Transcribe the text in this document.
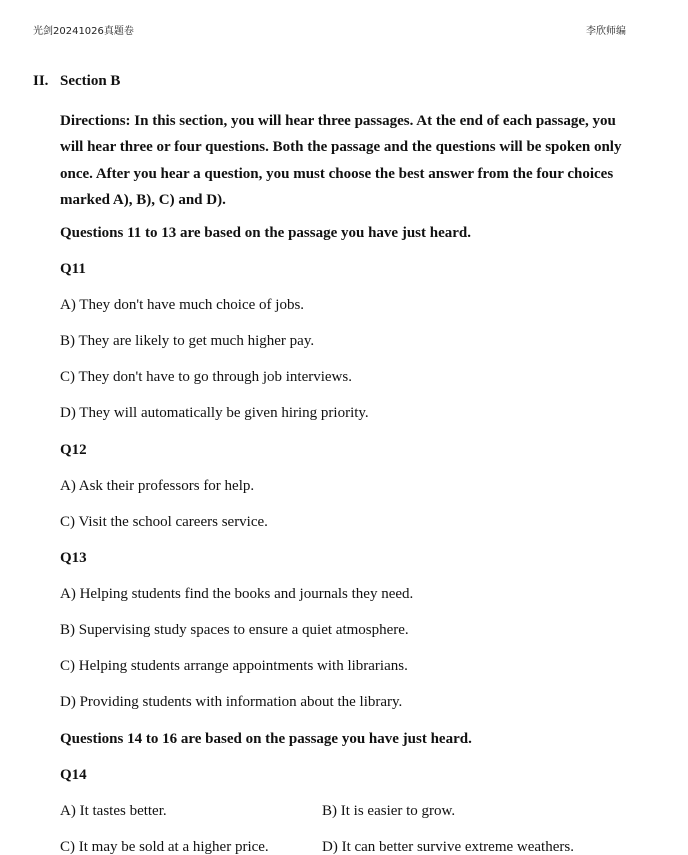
光剑20241026真题卷	李欣师编
II. Section B
Directions: In this section, you will hear three passages. At the end of each passage, you will hear three or four questions. Both the passage and the questions will be spoken only once. After you hear a question, you must choose the best answer from the four choices marked A), B), C) and D).
Questions 11 to 13 are based on the passage you have just heard.
Q11
A) They don't have much choice of jobs.
B) They are likely to get much higher pay.
C) They don't have to go through job interviews.
D) They will automatically be given hiring priority.
Q12
A) Ask their professors for help.
C) Visit the school careers service.
Q13
A) Helping students find the books and journals they need.
B) Supervising study spaces to ensure a quiet atmosphere.
C) Helping students arrange appointments with librarians.
D) Providing students with information about the library.
Questions 14 to 16 are based on the passage you have just heard.
Q14
A) It tastes better.	B) It is easier to grow.
C) It may be sold at a higher price.	D) It can better survive extreme weathers.
